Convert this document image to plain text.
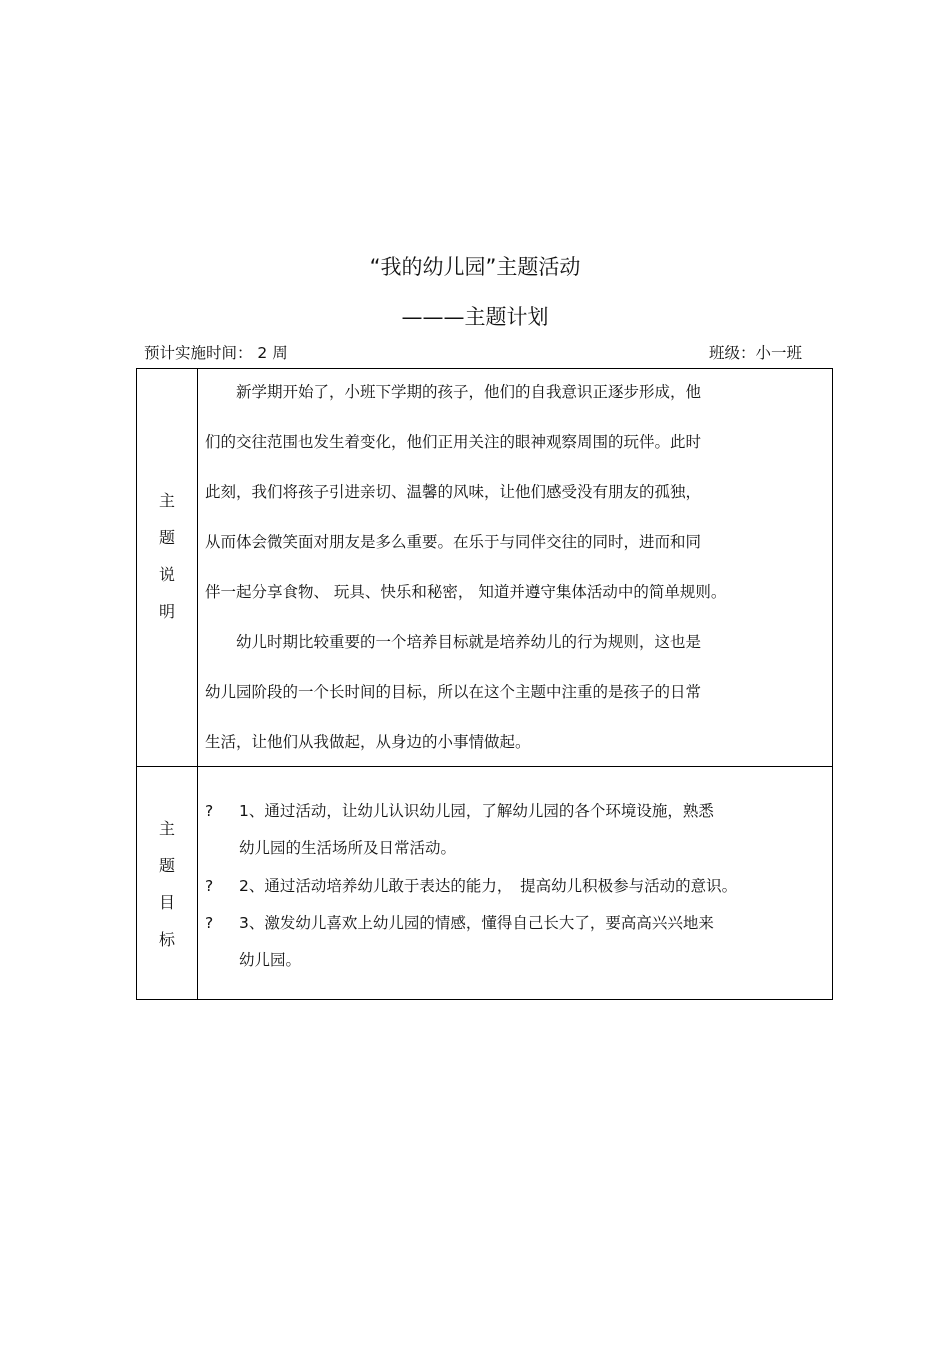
“我的幼儿园”主题活动
———主题计划
预计实施时间： 2 周	班级：小一班
主
题
说
明
　　新学期开始了，小班下学期的孩子，他们的自我意识正逐步形成，他
们的交往范围也发生着变化，他们正用关注的眼神观察周围的玩伴。此时
此刻，我们将孩子引进亲切、温馨的风味，让他们感受没有朋友的孤独，
从而体会微笑面对朋友是多么重要。在乐于与同伴交往的同时，进而和同
伴一起分享食物、 玩具、快乐和秘密， 知道并遵守集体活动中的简单规则。
　　幼儿时期比较重要的一个培养目标就是培养幼儿的行为规则，这也是
幼儿园阶段的一个长时间的目标，所以在这个主题中注重的是孩子的日常
生活，让他们从我做起，从身边的小事情做起。
主
题
目
标
? 1、通过活动，让幼儿认识幼儿园，了解幼儿园的各个环境设施，熟悉
幼儿园的生活场所及日常活动。
? 2、通过活动培养幼儿敢于表达的能力，　提高幼儿积极参与活动的意识。
? 3、激发幼儿喜欢上幼儿园的情感，懂得自己长大了，要高高兴兴地来
幼儿园。
